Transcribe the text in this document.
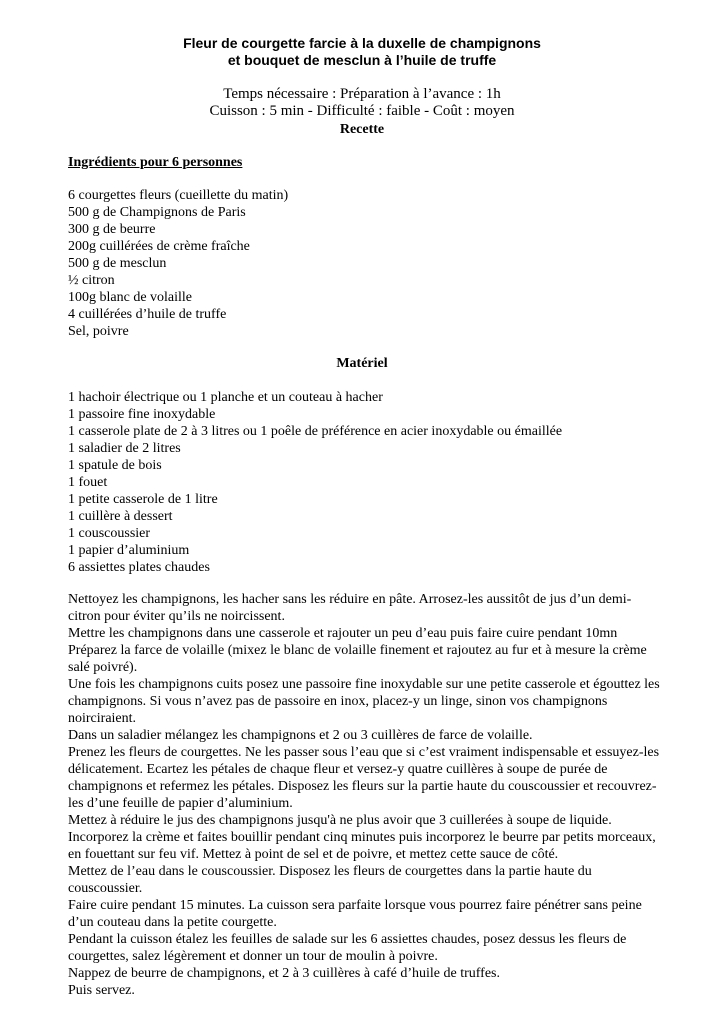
Fleur de courgette farcie à la duxelle de champignons
et bouquet de mesclun à l’huile de truffe
Temps nécessaire : Préparation à l’avance : 1h
Cuisson : 5 min - Difficulté : faible - Coût : moyen
Recette
Ingrédients pour 6 personnes
6 courgettes fleurs (cueillette du matin)
500 g de Champignons de Paris
300 g de beurre
200g cuillérées de crème fraîche
500 g de mesclun
½ citron
100g blanc de volaille
4 cuillérées d’huile de truffe
Sel, poivre
Matériel
1 hachoir électrique ou 1 planche et un couteau à hacher
1 passoire fine inoxydable
1 casserole plate de 2 à 3 litres ou 1 poêle de préférence en acier inoxydable ou émaillée
1 saladier de 2 litres
1 spatule de bois
1 fouet
1 petite casserole de 1 litre
1 cuillère à dessert
1 couscoussier
1 papier d’aluminium
6 assiettes plates chaudes

Nettoyez les champignons, les hacher sans les réduire en pâte. Arrosez-les aussitôt de jus d’un demi-citron pour éviter qu’ils ne noircissent.

Mettre les champignons dans une casserole et rajouter un peu d’eau puis faire cuire pendant 10mn

Préparez la farce de volaille (mixez le blanc de volaille finement et rajoutez au fur et à mesure la crème salé poivré).

Une fois les champignons cuits posez une passoire fine inoxydable sur une petite casserole et égouttez les champignons. Si vous n’avez pas de passoire en inox, placez-y un linge, sinon vos champignons noirciraient.

Dans un saladier mélangez les champignons et 2 ou 3 cuillères de farce de volaille.

Prenez les fleurs de courgettes. Ne les passer sous l’eau que si c’est vraiment indispensable et essuyez-les délicatement. Ecartez les pétales de chaque fleur et versez-y quatre cuillères à soupe de purée de champignons et refermez les pétales. Disposez les fleurs sur la partie haute du couscoussier et recouvrez-les d’une feuille de papier d’aluminium.

Mettez à réduire le jus des champignons jusqu'à ne plus avoir que 3 cuillerées à soupe de liquide. Incorporez la crème et faites bouillir pendant cinq minutes puis incorporez le beurre par petits morceaux, en fouettant sur feu vif. Mettez à point de sel et de poivre, et mettez cette sauce de côté.

Mettez de l’eau dans le couscoussier. Disposez les fleurs de courgettes dans la partie haute du couscoussier.

Faire cuire pendant 15 minutes. La cuisson sera parfaite lorsque vous pourrez faire pénétrer sans peine d’un couteau dans la petite courgette.

Pendant la cuisson étalez les feuilles de salade sur les 6 assiettes chaudes, posez dessus les fleurs de courgettes, salez légèrement et donner un tour de moulin à poivre.

Nappez de beurre de champignons, et 2 à 3 cuillères à café d’huile de truffes.

Puis servez.
